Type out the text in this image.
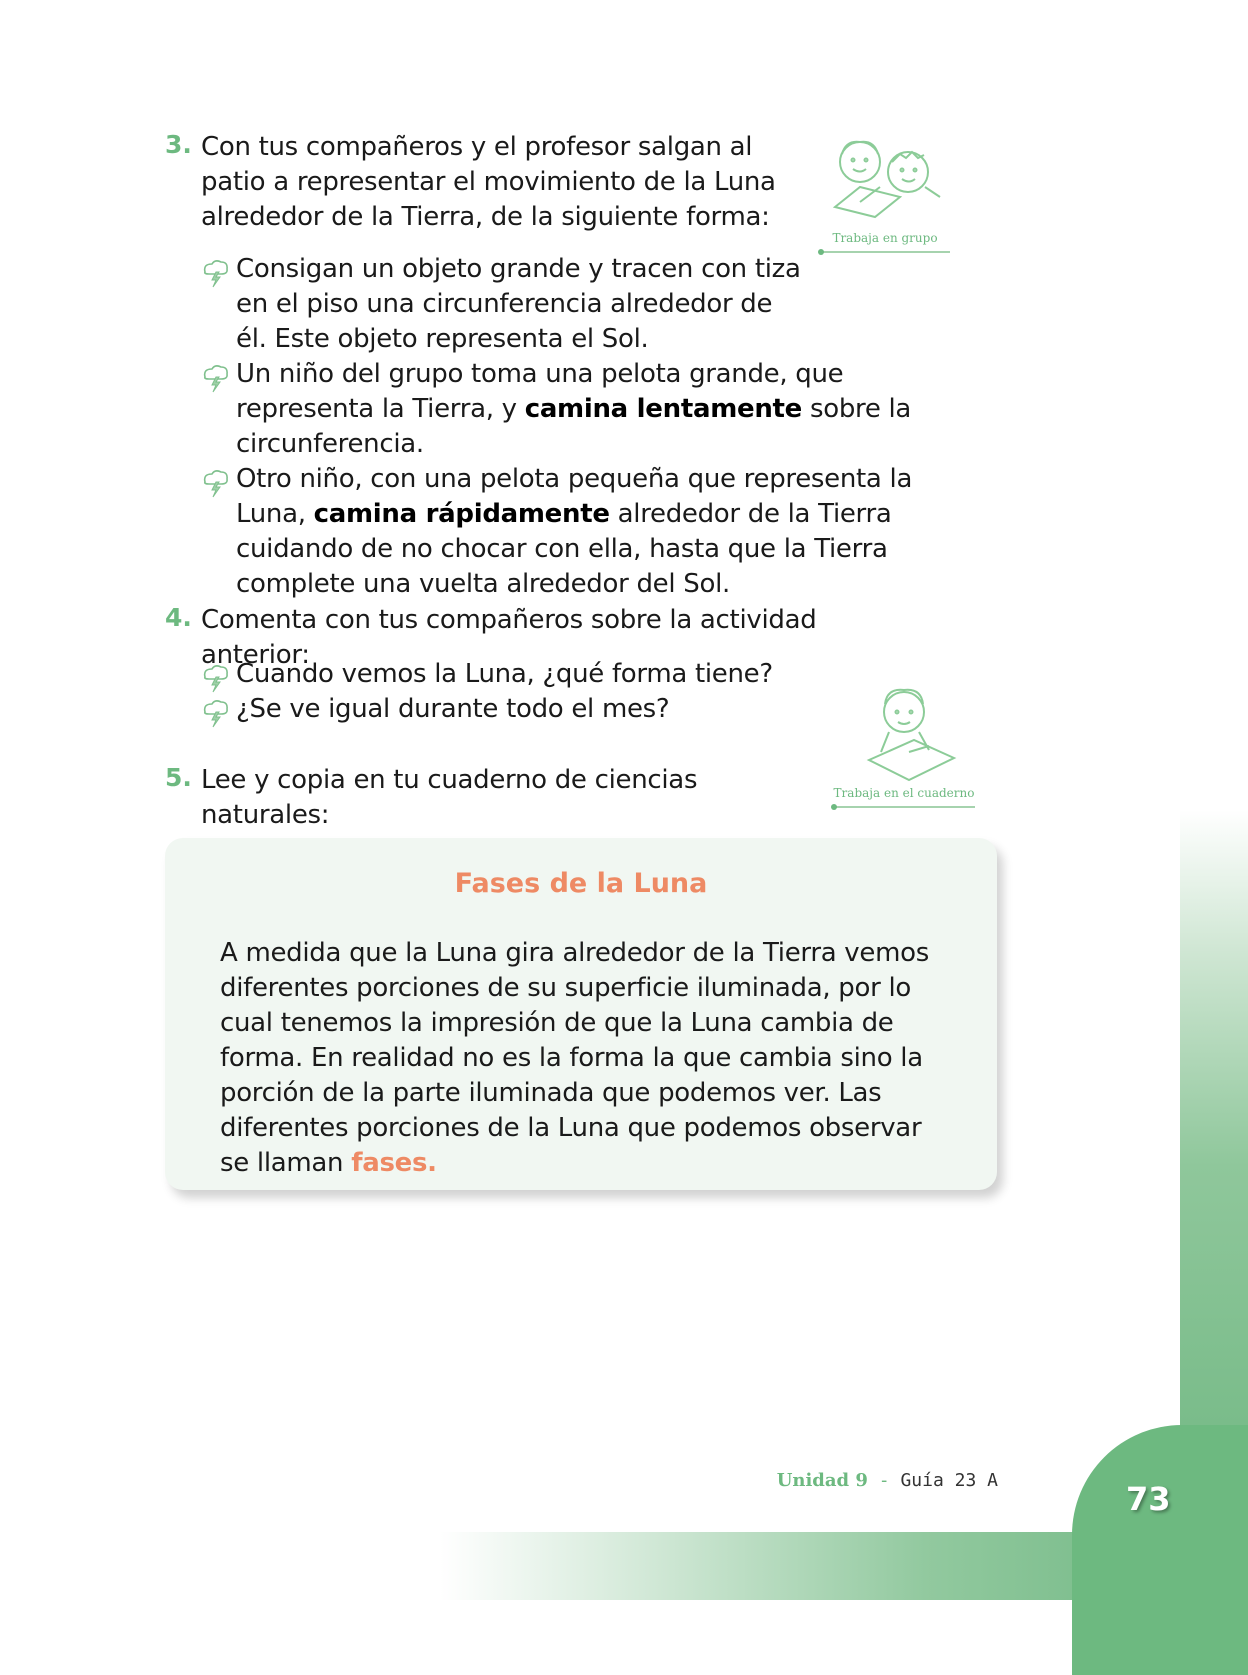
3. Con tus compañeros y el profesor salgan al patio a representar el movimiento de la Luna alrededor de la Tierra, de la siguiente forma:
Trabaja en grupo
Consigan un objeto grande y tracen con tiza en el piso una circunferencia alrededor de él. Este objeto representa el Sol.
Un niño del grupo toma una pelota grande, que representa la Tierra, y camina lentamente sobre la circunferencia.
Otro niño, con una pelota pequeña que representa la Luna, camina rápidamente alrededor de la Tierra cuidando de no chocar con ella, hasta que la Tierra complete una vuelta alrededor del Sol.
4. Comenta con tus compañeros sobre la actividad anterior:
Cuando vemos la Luna, ¿qué forma tiene?
¿Se ve igual durante todo el mes?
5. Lee y copia en tu cuaderno de ciencias naturales:
Trabaja en el cuaderno
Fases de la Luna
A medida que la Luna gira alrededor de la Tierra vemos diferentes porciones de su superficie iluminada, por lo cual tenemos la impresión de que la Luna cambia de forma. En realidad no es la forma la que cambia sino la porción de la parte iluminada que podemos ver. Las diferentes porciones de la Luna que podemos observar se llaman fases.
Unidad 9 - Guía 23 A	73
